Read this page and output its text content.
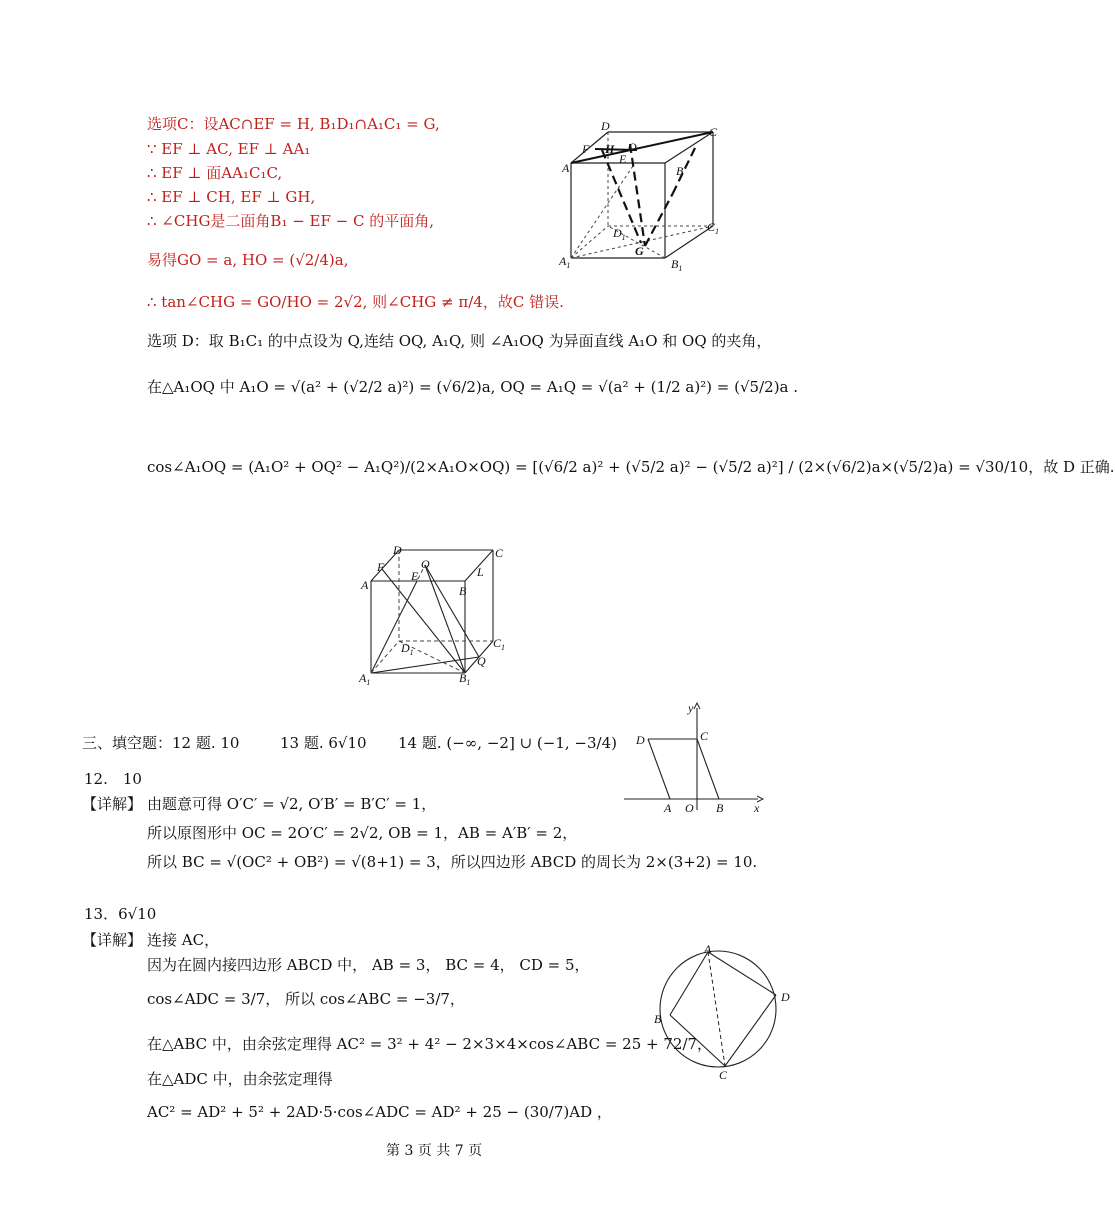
选项C：设AC∩EF = H, B₁D₁∩A₁C₁ = G,
∵ EF ⊥ AC, EF ⊥ AA₁
∴ EF ⊥ 面AA₁C₁C,
∴ EF ⊥ CH, EF ⊥ GH,
∴ ∠CHG是二面角B₁ − EF − C 的平面角,
易得GO = a, HO = (√2/4)a,
∴ tan∠CHG = GO/HO = 2√2, 则∠CHG ≠ π/4，故C 错误.
D
H O
C
F
E
A	B
$D_1$
$C_1$
$A_1$
G
$B_1$
选项 D：取 B₁C₁ 的中点设为 Q,连结 OQ, A₁Q, 则 ∠A₁OQ 为异面直线 A₁O 和 OQ 的夹角，
在△A₁OQ 中 A₁O = √(a² + (√2/2 a)²) = (√6/2)a, OQ = A₁Q = √(a² + (1/2 a)²) = (√5/2)a .
cos∠A₁OQ = (A₁O² + OQ² − A₁Q²)/(2×A₁O×OQ) = [(√6/2 a)² + (√5/2 a)² − (√5/2 a)²] / (2×(√6/2)a×(√5/2)a) = √30/10，故 D 正确.
D
O
C
F
E	L
A	B
$C_1$
$D_1$
Q
$A_1$	$B_1$
三、填空题：12 题. 10	13 题. 6√10 14 题. (−∞, −2] ∪ (−1, −3/4)
12.　10
【详解】 由题意可得 O′C′ = √2, O′B′ = B′C′ = 1，
所以原图形中 OC = 2O′C′ = 2√2, OB = 1，AB = A′B′ = 2，
所以 BC = √(OC² + OB²) = √(8+1) = 3，所以四边形 ABCD 的周长为 2×(3+2) = 10.
y
D	C
A O B	x
13．6√10
【详解】 连接 AC，
因为在圆内接四边形 ABCD 中， AB = 3， BC = 4， CD = 5，
cos∠ADC = 3/7， 所以 cos∠ABC = −3/7，
在△ABC 中，由余弦定理得 AC² = 3² + 4² − 2×3×4×cos∠ABC = 25 + 72/7，
在△ADC 中，由余弦定理得
AC² = AD² + 5² + 2AD·5·cos∠ADC = AD² + 25 − (30/7)AD ，
A
D
B
C
第 3 页 共 7 页
